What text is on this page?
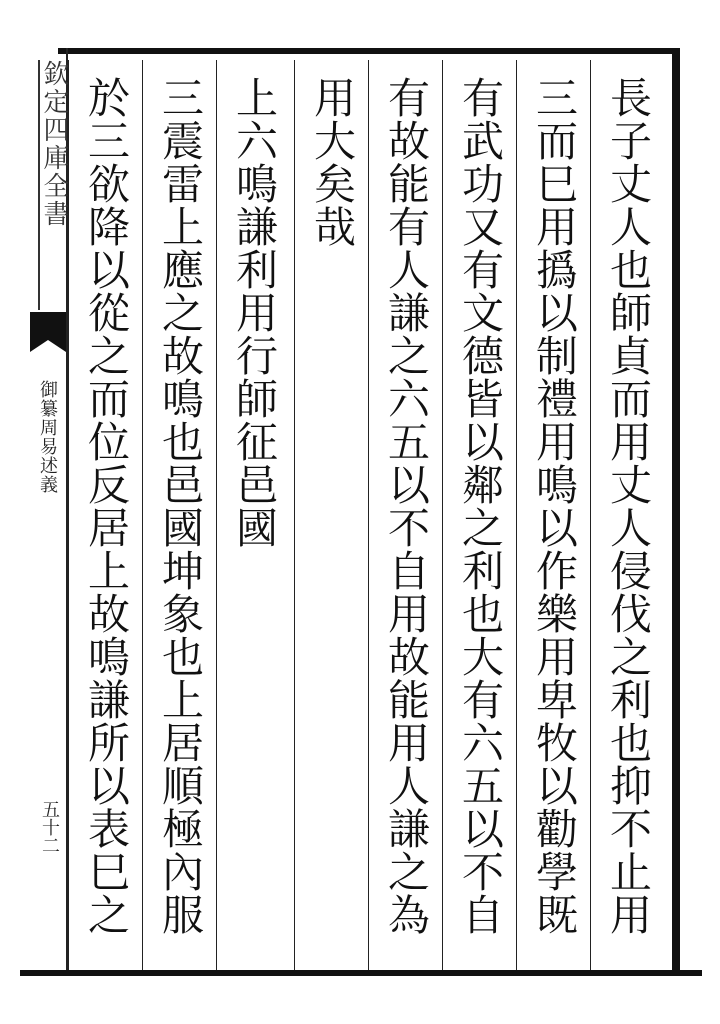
欽定四庫全書
御纂周易述義
五十二	長子丈人也師貞而用丈人侵伐之利也抑不止用
三而巳用撝以制禮用鳴以作樂用卑牧以勸學既
有武功又有文德皆以鄰之利也大有六五以不自
有故能有人謙之六五以不自用故能用人謙之為
用大矣哉
上六鳴謙利用行師征邑國
三震雷上應之故鳴也邑國坤象也上居順極內服
於三欲降以從之而位反居上故鳴謙所以表巳之
